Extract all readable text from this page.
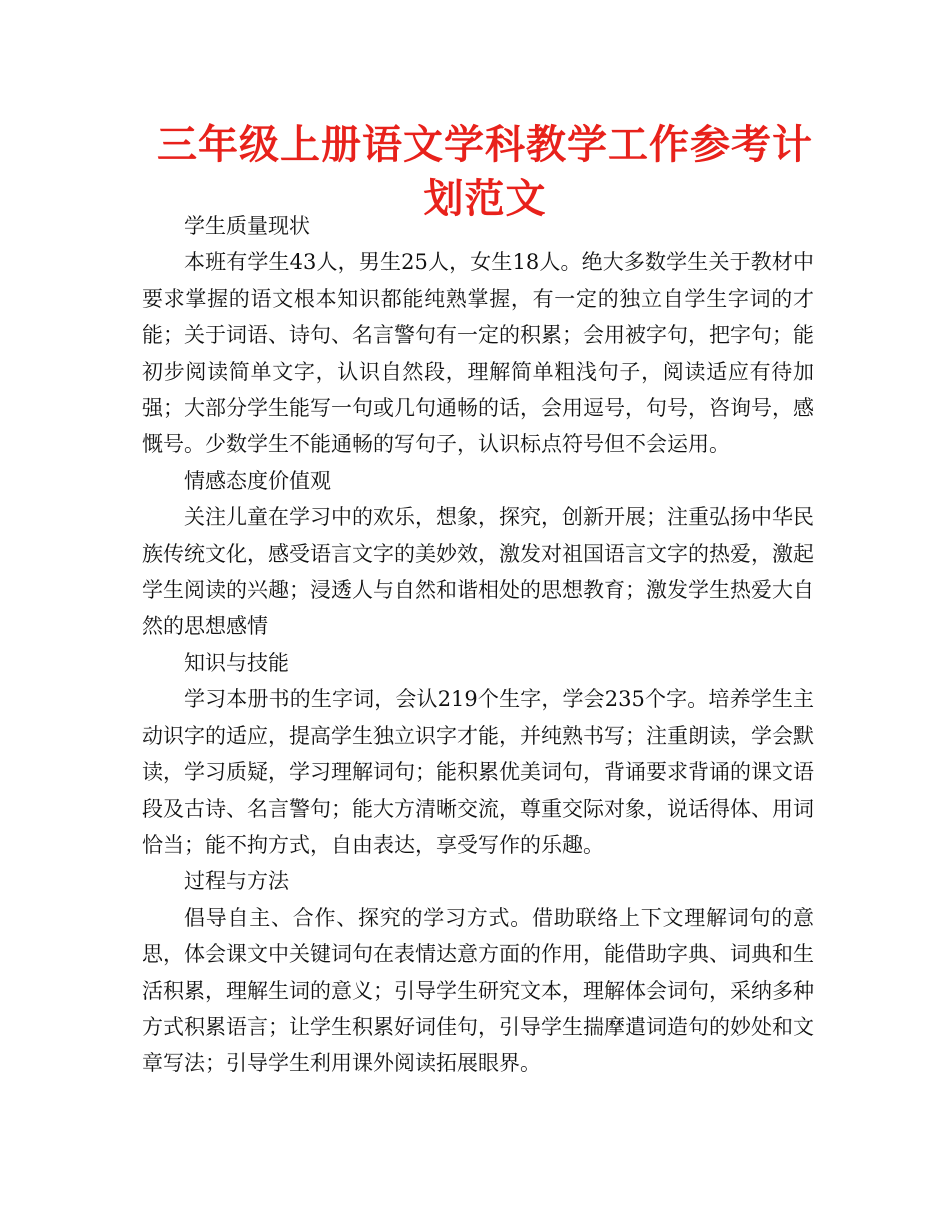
三年级上册语文学科教学工作参考计划范文
学生质量现状

本班有学生43人，男生25人，女生18人。绝大多数学生关于教材中要求掌握的语文根本知识都能纯熟掌握，有一定的独立自学生字词的才能；关于词语、诗句、名言警句有一定的积累；会用被字句，把字句；能初步阅读简单文字，认识自然段，理解简单粗浅句子，阅读适应有待加强；大部分学生能写一句或几句通畅的话，会用逗号，句号，咨询号，感慨号。少数学生不能通畅的写句子，认识标点符号但不会运用。

情感态度价值观

关注儿童在学习中的欢乐，想象，探究，创新开展；注重弘扬中华民族传统文化，感受语言文字的美妙效，激发对祖国语言文字的热爱，激起学生阅读的兴趣；浸透人与自然和谐相处的思想教育；激发学生热爱大自然的思想感情

知识与技能

学习本册书的生字词，会认219个生字，学会235个字。培养学生主动识字的适应，提高学生独立识字才能，并纯熟书写；注重朗读，学会默读，学习质疑，学习理解词句；能积累优美词句，背诵要求背诵的课文语段及古诗、名言警句；能大方清晰交流，尊重交际对象，说话得体、用词恰当；能不拘方式，自由表达，享受写作的乐趣。

过程与方法

倡导自主、合作、探究的学习方式。借助联络上下文理解词句的意思，体会课文中关键词句在表情达意方面的作用，能借助字典、词典和生活积累，理解生词的意义；引导学生研究文本，理解体会词句，采纳多种方式积累语言；让学生积累好词佳句，引导学生揣摩遣词造句的妙处和文章写法；引导学生利用课外阅读拓展眼界。
